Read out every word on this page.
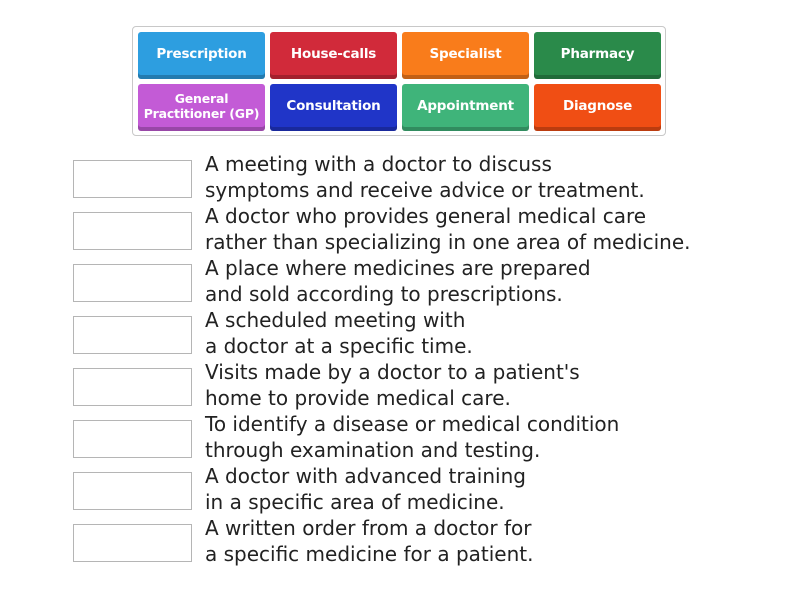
Prescription	House-calls	Specialist	Pharmacy
General Practitioner (GP)	Consultation	Appointment	Diagnose
A meeting with a doctor to discuss
symptoms and receive advice or treatment.
A doctor who provides general medical care
rather than specializing in one area of medicine.
A place where medicines are prepared
and sold according to prescriptions.
A scheduled meeting with
a doctor at a specific time.
Visits made by a doctor to a patient's
home to provide medical care.
To identify a disease or medical condition
through examination and testing.
A doctor with advanced training
in a specific area of medicine.
A written order from a doctor for
a specific medicine for a patient.
